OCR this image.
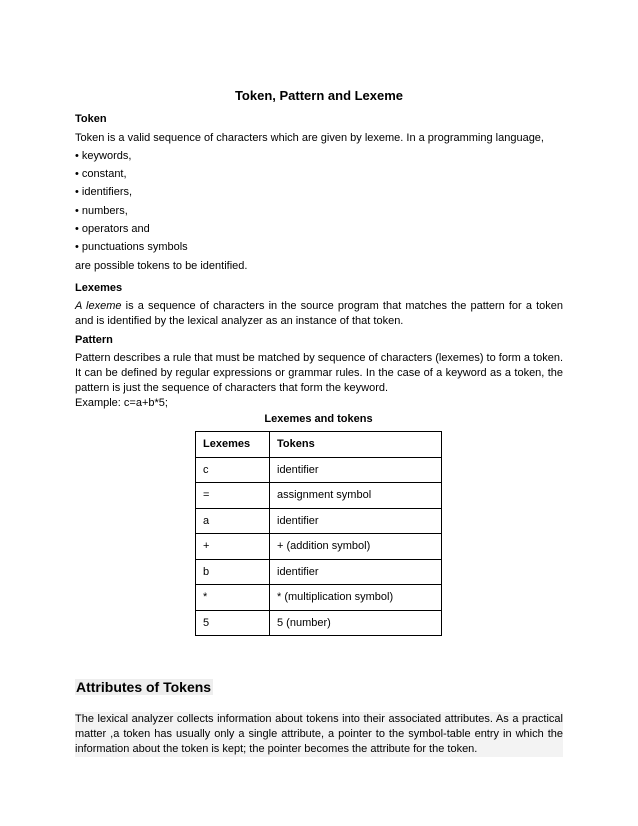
Token, Pattern and Lexeme
Token
Token is a valid sequence of characters which are given by lexeme. In a programming language,
• keywords,
• constant,
• identifiers,
• numbers,
• operators and
• punctuations symbols
are possible tokens to be identified.
Lexemes
A lexeme is a sequence of characters in the source program that matches the pattern for a token and is identified by the lexical analyzer as an instance of that token.
Pattern
Pattern describes a rule that must be matched by sequence of characters (lexemes) to form a token. It can be defined by regular expressions or grammar rules. In the case of a keyword as a token, the pattern is just the sequence of characters that form the keyword.
Example: c=a+b*5;
Lexemes and tokens
Lexemes	Tokens
c	identifier
=	assignment symbol
a	identifier
+	+ (addition symbol)
b	identifier
*	* (multiplication symbol)
5	5 (number)
Attributes of Tokens
The lexical analyzer collects information about tokens into their associated attributes. As a practical matter ,a token has usually only a single attribute, a pointer to the symbol-table entry in which the information about the token is kept; the pointer becomes the attribute for the token.
